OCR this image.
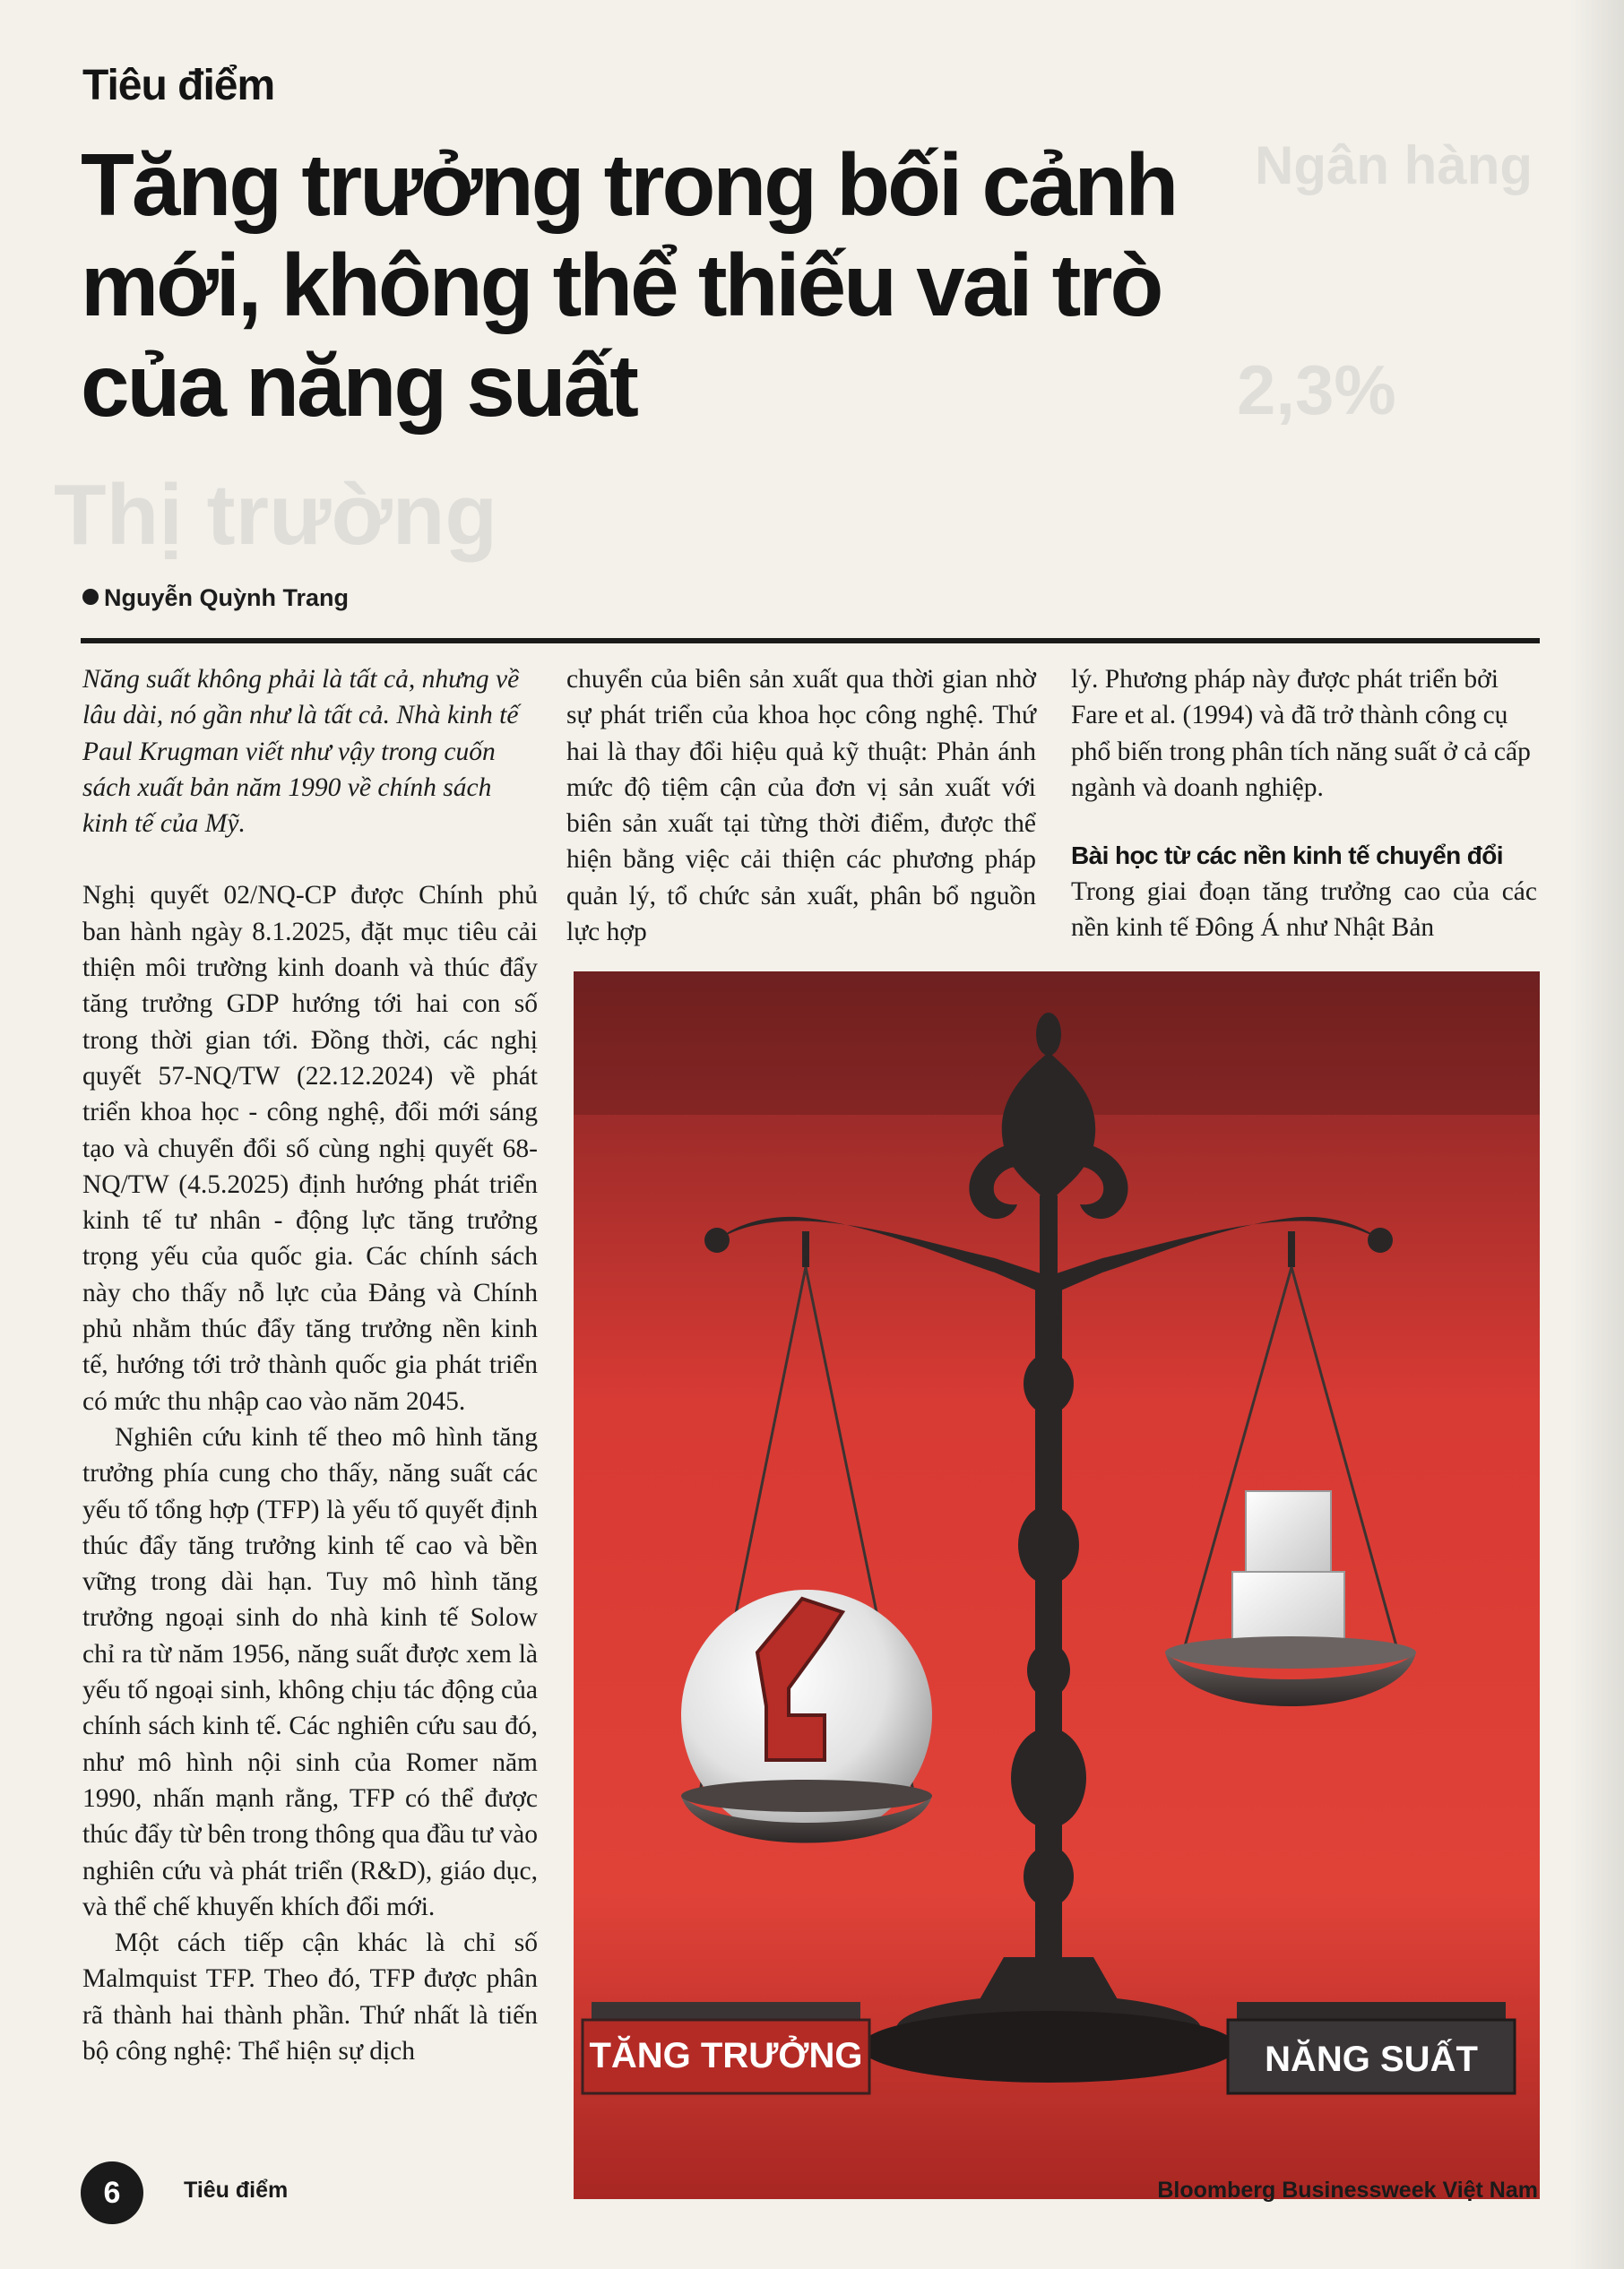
Ngân hàng
2,3%
Thị trường
Tiêu điểm
Tăng trưởng trong bối cảnh
mới, không thể thiếu vai trò
của năng suất
Nguyễn Quỳnh Trang

Năng suất không phải là tất cả, nhưng về lâu dài, nó gần như là tất cả. Nhà kinh tế Paul Krugman viết như vậy trong cuốn sách xuất bản năm 1990 về chính sách kinh tế của Mỹ.

Nghị quyết 02/NQ-CP được Chính phủ ban hành ngày 8.1.2025, đặt mục tiêu cải thiện môi trường kinh doanh và thúc đẩy tăng trưởng GDP hướng tới hai con số trong thời gian tới. Đồng thời, các nghị quyết 57-NQ/TW (22.12.2024) về phát triển khoa học - công nghệ, đổi mới sáng tạo và chuyển đổi số cùng nghị quyết 68-NQ/TW (4.5.2025) định hướng phát triển kinh tế tư nhân - động lực tăng trưởng trọng yếu của quốc gia. Các chính sách này cho thấy nỗ lực của Đảng và Chính phủ nhằm thúc đẩy tăng trưởng nền kinh tế, hướng tới trở thành quốc gia phát triển có mức thu nhập cao vào năm 2045.

Nghiên cứu kinh tế theo mô hình tăng trưởng phía cung cho thấy, năng suất các yếu tố tổng hợp (TFP) là yếu tố quyết định thúc đẩy tăng trưởng kinh tế cao và bền vững trong dài hạn. Tuy mô hình tăng trưởng ngoại sinh do nhà kinh tế Solow chỉ ra từ năm 1956, năng suất được xem là yếu tố ngoại sinh, không chịu tác động của chính sách kinh tế. Các nghiên cứu sau đó, như mô hình nội sinh của Romer năm 1990, nhấn mạnh rằng, TFP có thể được thúc đẩy từ bên trong thông qua đầu tư vào nghiên cứu và phát triển (R&D), giáo dục, và thể chế khuyến khích đổi mới.

Một cách tiếp cận khác là chỉ số Malmquist TFP. Theo đó, TFP được phân rã thành hai thành phần. Thứ nhất là tiến bộ công nghệ: Thể hiện sự dịch

chuyển của biên sản xuất qua thời gian nhờ sự phát triển của khoa học công nghệ. Thứ hai là thay đổi hiệu quả kỹ thuật: Phản ánh mức độ tiệm cận của đơn vị sản xuất với biên sản xuất tại từng thời điểm, được thể hiện bằng việc cải thiện các phương pháp quản lý, tổ chức sản xuất, phân bổ nguồn lực hợp

lý. Phương pháp này được phát triển bởi Fare et al. (1994) và đã trở thành công cụ phổ biến trong phân tích năng suất ở cả cấp ngành và doanh nghiệp.

Bài học từ các nền kinh tế chuyển đổi

Trong giai đoạn tăng trưởng cao của các nền kinh tế Đông Á như Nhật Bản

TĂNG TRƯỞNG	NĂNG SUẤT
6	Tiêu điểm	Bloomberg Businessweek Việt Nam
